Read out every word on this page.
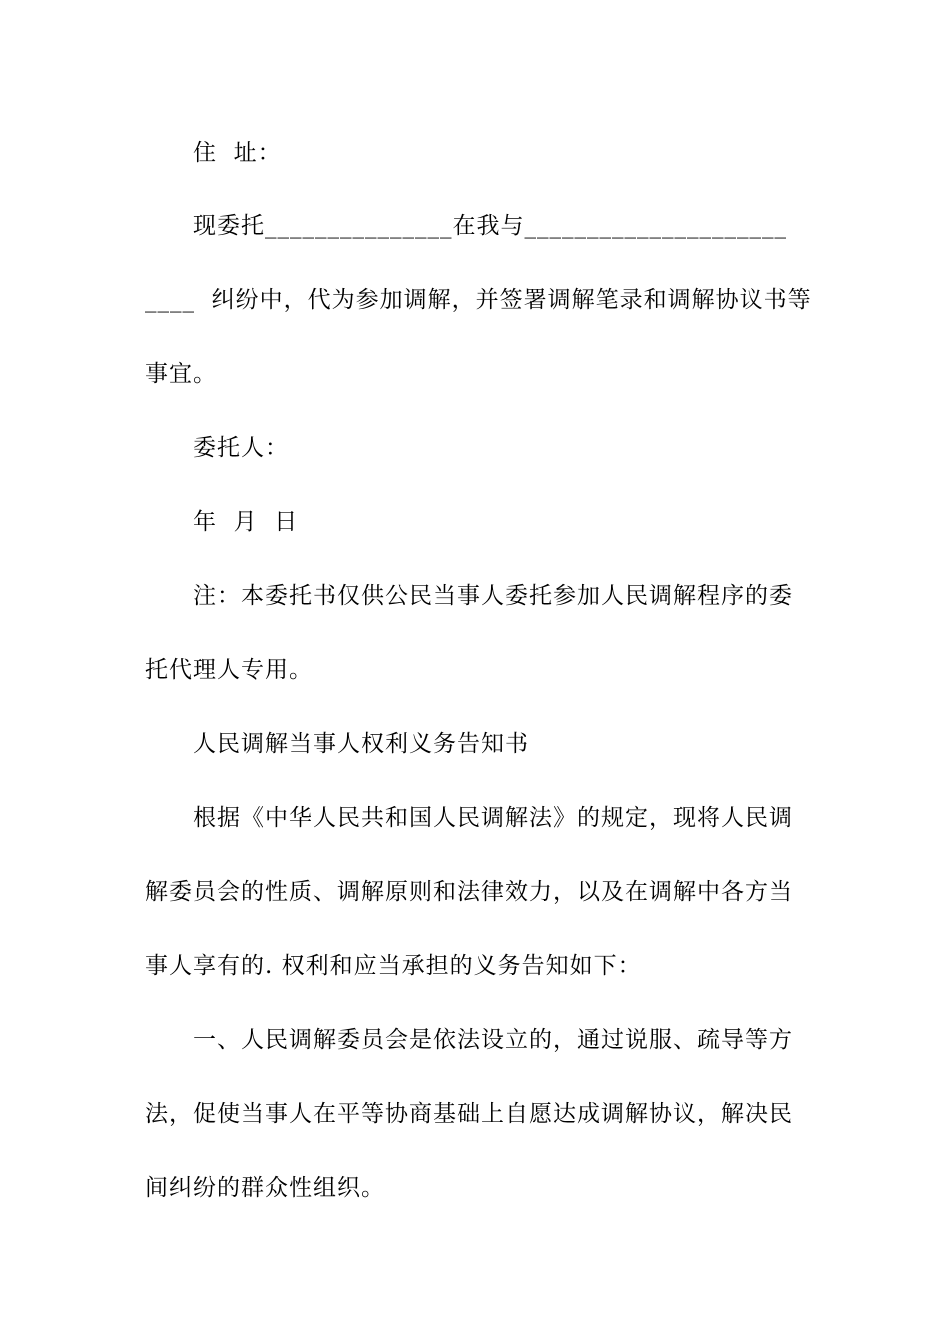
住  址：
现委托_______________在我与_____________________
____  纠纷中，代为参加调解，并签署调解笔录和调解协议书等
事宜。
委托人：
年  月  日
注：本委托书仅供公民当事人委托参加人民调解程序的委
托代理人专用。
人民调解当事人权利义务告知书
根据《中华人民共和国人民调解法》的规定，现将人民调
解委员会的性质、调解原则和法律效力，以及在调解中各方当
事人享有的. 权利和应当承担的义务告知如下：
一、人民调解委员会是依法设立的，通过说服、疏导等方
法，促使当事人在平等协商基础上自愿达成调解协议，解决民
间纠纷的群众性组织。
